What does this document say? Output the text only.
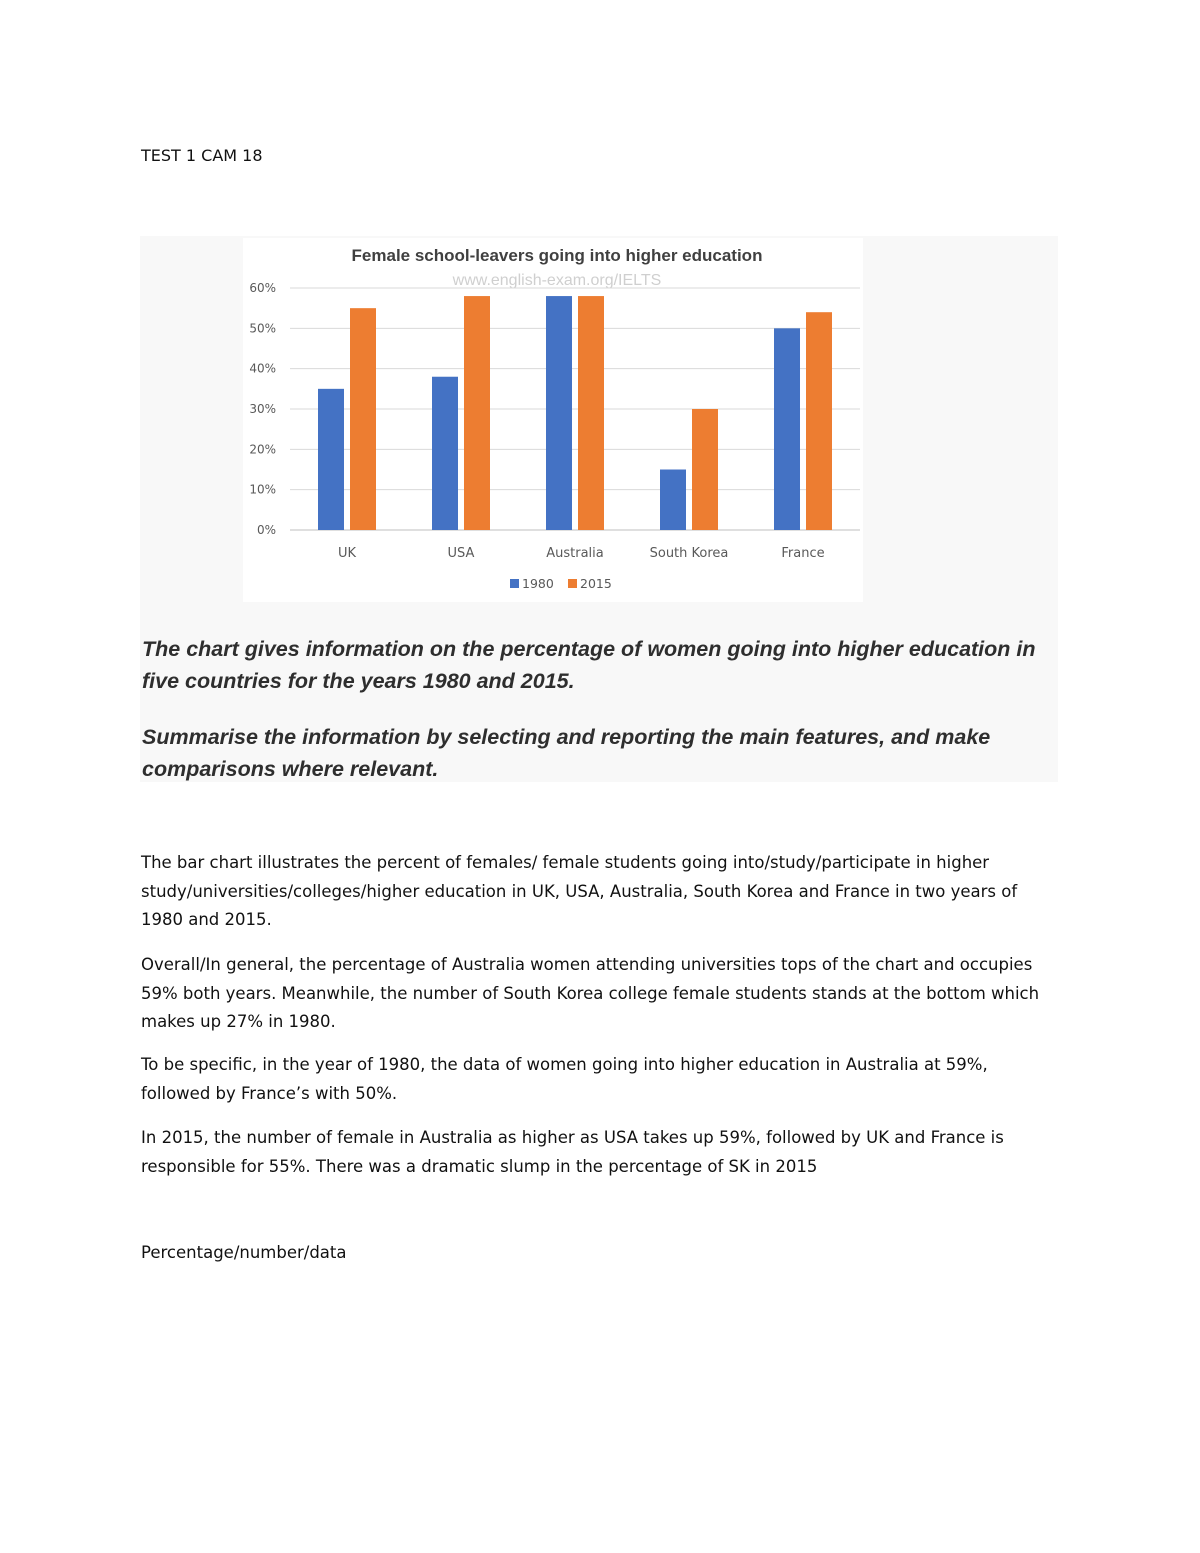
TEST 1 CAM 18

Female school-leavers going into higher education
www.english-exam.org/IELTS
0%
10%
20%
30%
40%
50%
60%
UK	USA	Australia	South Korea	France
1980 2015

The chart gives information on the percentage of women going into higher education in five countries for the years 1980 and 2015.

Summarise the information by selecting and reporting the main features, and make comparisons where relevant.

The bar chart illustrates the percent of females/ female students going into/study/participate in higher study/universities/colleges/higher education in UK, USA, Australia, South Korea and France in two years of 1980 and 2015.

Overall/In general, the percentage of Australia women attending universities tops of the chart and occupies 59% both years. Meanwhile, the number of South Korea college female students stands at the bottom which makes up 27% in 1980.

To be specific, in the year of 1980, the data of women going into higher education in Australia at 59%, followed by France’s with 50%.

In 2015, the number of female in Australia as higher as USA takes up 59%, followed by UK and France is responsible for 55%. There was a dramatic slump in the percentage of SK in 2015

Percentage/number/data
